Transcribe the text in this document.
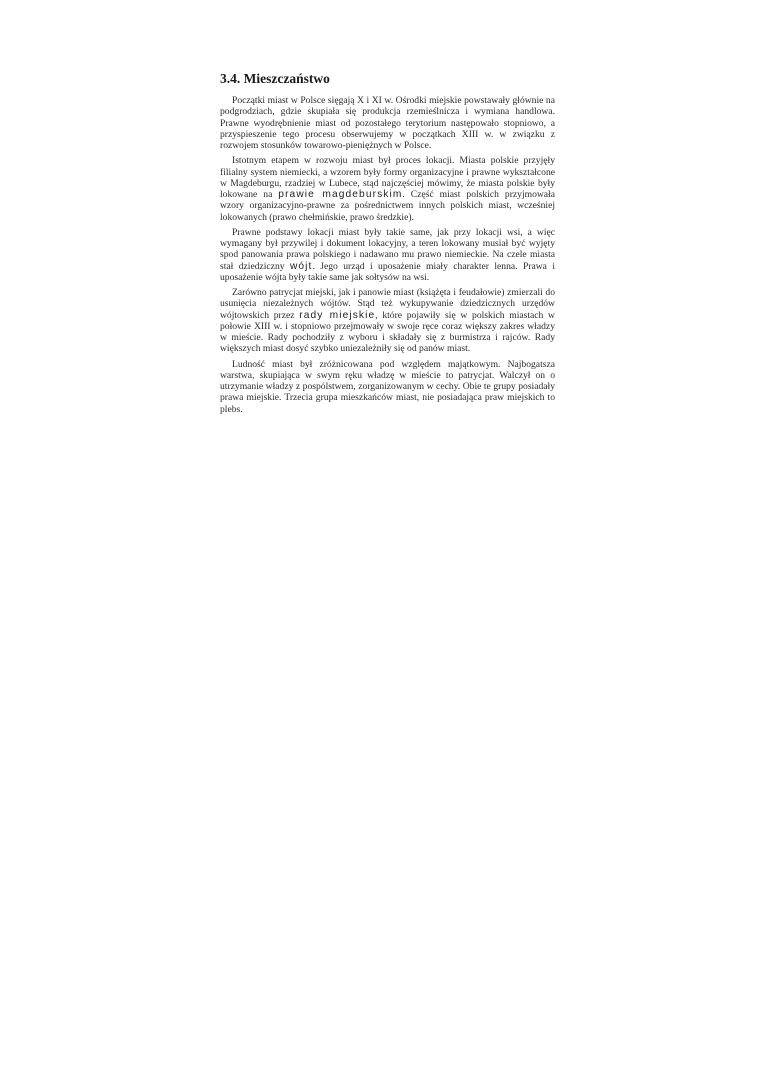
3.4. Mieszczaństwo

Początki miast w Polsce sięgają X i XI w. Ośrodki miejskie powstawały głównie na podgrodziach, gdzie skupiała się produkcja rzemieślnicza i wymiana handlowa. Prawne wyodrębnienie miast od pozostałego terytorium następowało stopniowo, a przyspieszenie tego procesu obserwujemy w początkach XIII w. w związku z rozwojem stosunków towarowo-pieniężnych w Polsce.

Istotnym etapem w rozwoju miast był proces lokacji. Miasta polskie przyjęły filialny system niemiecki, a wzorem były formy organizacyjne i prawne wykształcone w Magdeburgu, rzadziej w Lubece, stąd najczęściej mówimy, że miasta polskie były lokowane na prawie magdeburskim. Część miast polskich przyjmowała wzory organizacyjno-prawne za pośrednictwem innych polskich miast, wcześniej lokowanych (prawo chełmińskie, prawo średzkie).

Prawne podstawy lokacji miast były takie same, jak przy lokacji wsi, a więc wymagany był przywilej i dokument lokacyjny, a teren lokowany musiał być wyjęty spod panowania prawa polskiego i nadawano mu prawo niemieckie. Na czele miasta stał dziedziczny wójt. Jego urząd i uposażenie miały charakter lenna. Prawa i uposażenie wójta były takie same jak sołtysów na wsi.

Zarówno patrycjat miejski, jak i panowie miast (książęta i feudałowie) zmierzali do usunięcia niezależnych wójtów. Stąd też wykupywanie dziedzicznych urzędów wójtowskich przez rady miejskie, które pojawiły się w polskich miastach w połowie XIII w. i stopniowo przejmowały w swoje ręce coraz większy zakres władzy w mieście. Rady pochodziły z wyboru i składały się z burmistrza i rajców. Rady większych miast dosyć szybko uniezależniły się od panów miast.

Ludność miast był zróżnicowana pod względem majątkowym. Najbogatsza warstwa, skupiająca w swym ręku władzę w mieście to patrycjat. Walczył on o utrzymanie władzy z pospólstwem, zorganizowanym w cechy. Obie te grupy posiadały prawa miejskie. Trzecia grupa mieszkańców miast, nie posiadająca praw miejskich to plebs.
